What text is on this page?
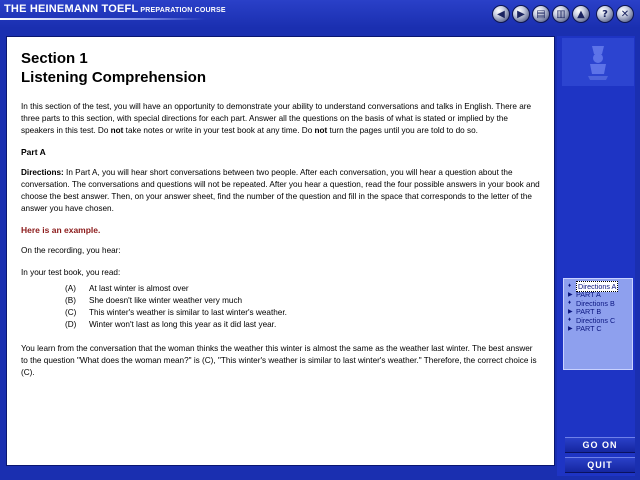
THE HEINEMANN TOEFL PREPARATION COURSE	◀ ▶ ▤ ▥ ▲ ? ✕
Section 1
Listening Comprehension

In this section of the test, you will have an opportunity to demonstrate your ability to understand conversations and talks in English. There are three parts to this section, with special directions for each part. Answer all the questions on the basis of what is stated or implied by the speakers in this test. Do not take notes or write in your test book at any time. Do not turn the pages until you are told to do so.

Part A

Directions: In Part A, you will hear short conversations between two people. After each conversation, you will hear a question about the conversation. The conversations and questions will not be repeated. After you hear a question, read the four possible answers in your book and choose the best answer. Then, on your answer sheet, find the number of the question and fill in the space that corresponds to the letter of the answer you have chosen.

Here is an example.

On the recording, you hear:

In your test book, you read:

(A)	At last winter is almost over
(B)	She doesn't like winter weather very much
(C)	This winter's weather is similar to last winter's weather.
(D)	Winter won't last as long this year as it did last year.

You learn from the conversation that the woman thinks the weather this winter is almost the same as the weather last winter. The best answer to the question "What does the woman mean?" is (C), "This winter's weather is similar to last winter's weather." Therefore, the correct choice is (C).

♦ Directions A
▶ PART A
♦ Directions B
▶ PART B
♦ Directions C
▶ PART C
GO ON
QUIT
